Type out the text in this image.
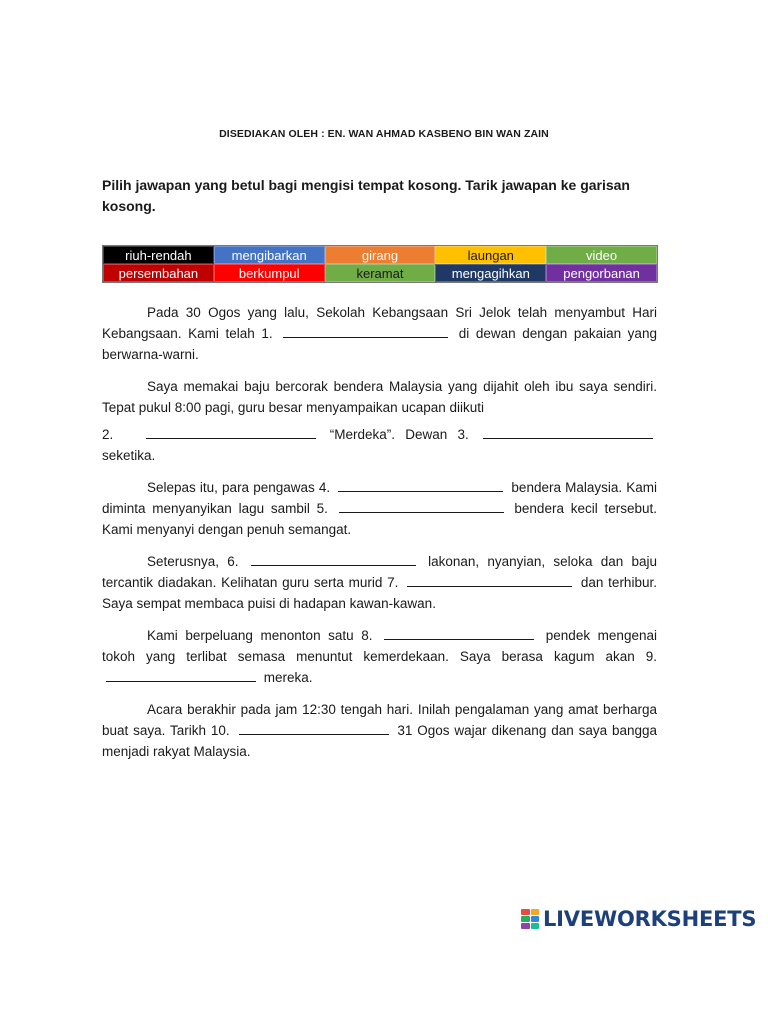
DISEDIAKAN OLEH : EN. WAN AHMAD KASBENO BIN WAN ZAIN
Pilih jawapan yang betul bagi mengisi tempat kosong. Tarik jawapan ke garisan kosong.
riuh-rendah	mengibarkan	girang	laungan	video
persembahan	berkumpul	keramat	mengagihkan	pengorbanan

Pada 30 Ogos yang lalu, Sekolah Kebangsaan Sri Jelok telah menyambut Hari Kebangsaan. Kami telah 1.	di dewan dengan pakaian yang berwarna-warni.

Saya memakai baju bercorak bendera Malaysia yang dijahit oleh ibu saya sendiri. Tepat pukul 8:00 pagi, guru besar menyampaikan ucapan diikuti

2.	“Merdeka”. Dewan 3.  seketika.

Selepas itu, para pengawas 4.	bendera Malaysia. Kami diminta menyanyikan lagu sambil 5.	bendera kecil tersebut. Kami menyanyi dengan penuh semangat.

Seterusnya, 6.	lakonan, nyanyian, seloka dan baju tercantik diadakan. Kelihatan guru serta murid 7.	dan terhibur. Saya sempat membaca puisi di hadapan kawan-kawan.

Kami berpeluang menonton satu 8.	pendek mengenai tokoh yang terlibat semasa menuntut kemerdekaan. Saya berasa kagum akan 9.  mereka.

Acara berakhir pada jam 12:30 tengah hari. Inilah pengalaman yang amat berharga buat saya. Tarikh 10.	31 Ogos wajar dikenang dan saya bangga menjadi rakyat Malaysia.

LIVEWORKSHEETS
